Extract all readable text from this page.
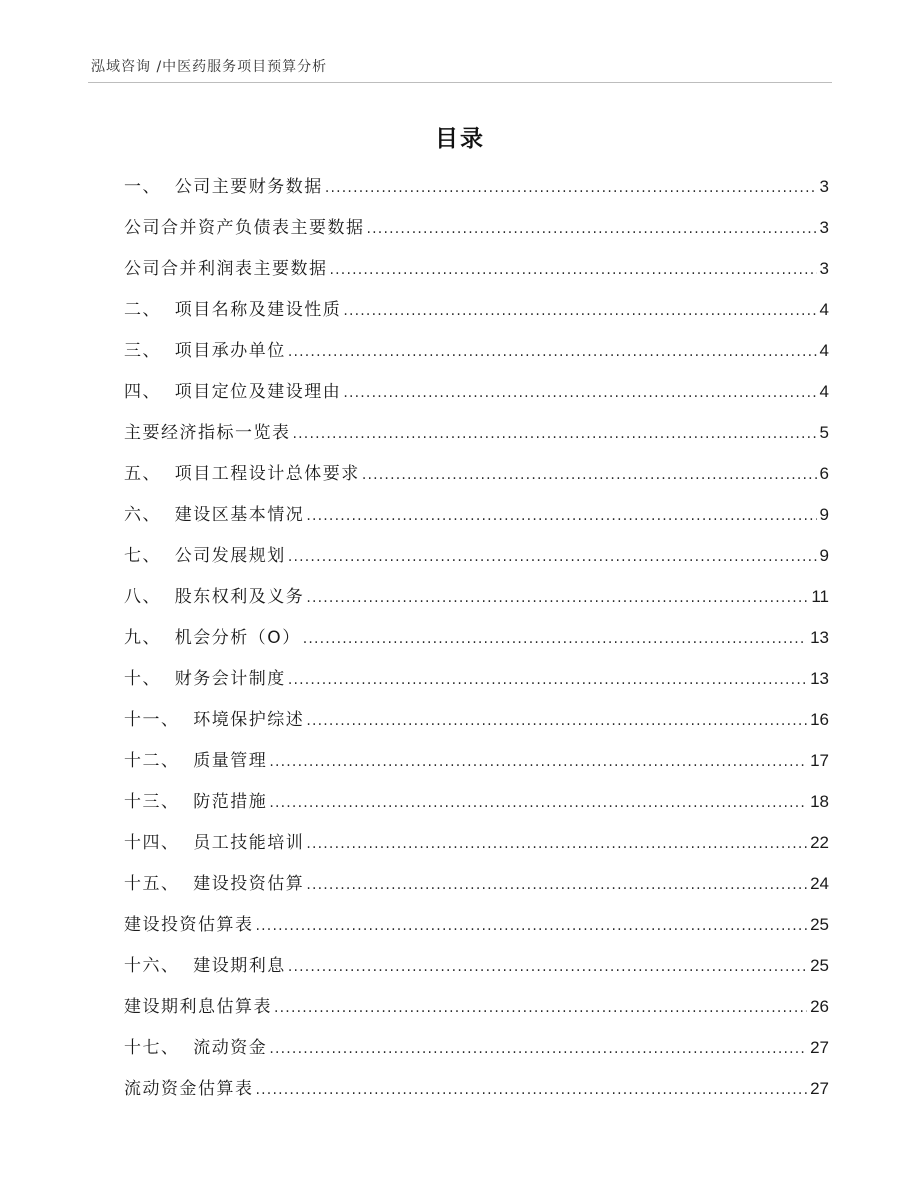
泓域咨询 /中医药服务项目预算分析
目录
一、  公司主要财务数据 .....	3
公司合并资产负债表主要数据 .....	3
公司合并利润表主要数据 .....	3
二、  项目名称及建设性质 .....	4
三、  项目承办单位 .....	4
四、  项目定位及建设理由 .....	4
主要经济指标一览表 .....	5
五、  项目工程设计总体要求 .....	6
六、  建设区基本情况 .....	9
七、  公司发展规划 .....	9
八、  股东权利及义务 .....	11
九、  机会分析（O） .....	13
十、  财务会计制度 .....	13
十一、  环境保护综述 .....	16
十二、  质量管理 .....	17
十三、  防范措施 .....	18
十四、  员工技能培训 .....	22
十五、  建设投资估算 .....	24
建设投资估算表 .....	25
十六、  建设期利息 .....	25
建设期利息估算表 .....	26
十七、  流动资金 .....	27
流动资金估算表 .....	27
